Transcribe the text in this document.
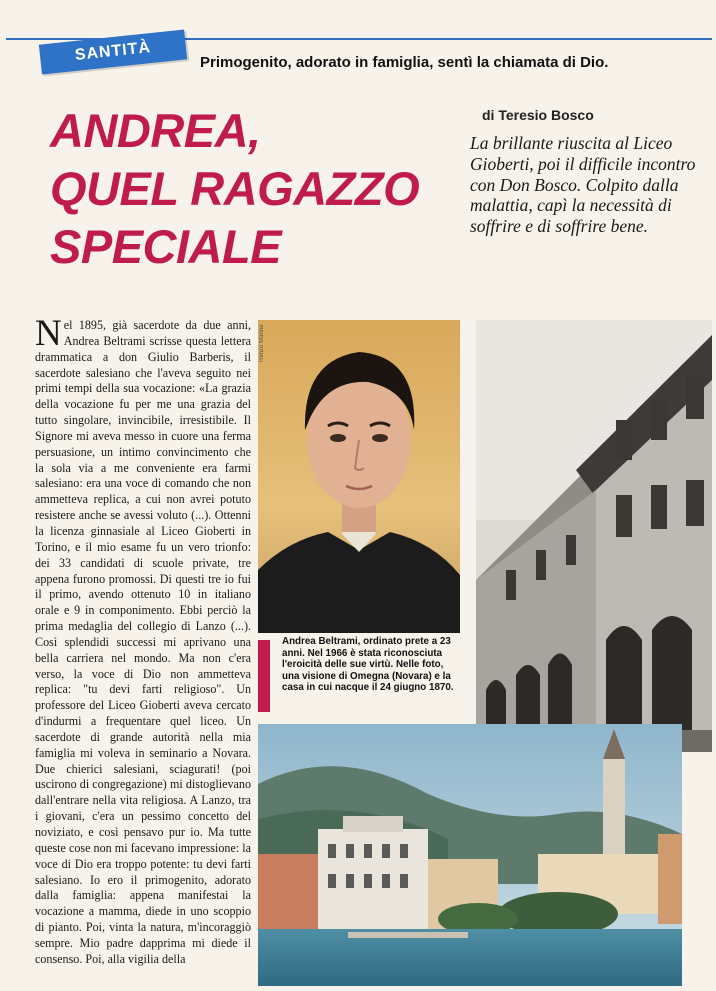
SANTITÀ	Primogenito, adorato in famiglia, sentì la chiamata di Dio.
ANDREA,
QUEL RAGAZZO
SPECIALE
di Teresio Bosco
La brillante riuscita al Liceo Gioberti, poi il difficile incontro con Don Bosco. Colpito dalla malattia, capì la necessità di soffrire e di soffrire bene.
Nel 1895, già sacerdote da due anni, Andrea Beltrami scrisse questa lettera drammatica a don Giulio Barberis, il sacerdote salesiano che l'aveva seguito nei primi tempi della sua vocazione: «La grazia della vocazione fu per me una grazia del tutto singolare, invincibile, irresistibile. Il Signore mi aveva messo in cuore una ferma persuasione, un intimo convincimento che la sola via a me conveniente era farmi salesiano: era una voce di comando che non ammetteva replica, a cui non avrei potuto resistere anche se avessi voluto (...). Ottenni la licenza ginnasiale al Liceo Gioberti in Torino, e il mio esame fu un vero trionfo: dei 33 candidati di scuole private, tre appena furono promossi. Di questi tre io fui il primo, avendo ottenuto 10 in italiano orale e 9 in componimento. Ebbi perciò la prima medaglia del collegio di Lanzo (...). Così splendidi successi mi aprivano una bella carriera nel mondo. Ma non c'era verso, la voce di Dio non ammetteva replica: "tu devi farti religioso". Un professore del Liceo Gioberti aveva cercato d'indurmi a frequentare quel liceo. Un sacerdote di grande autorità nella mia famiglia mi voleva in seminario a Novara. Due chierici salesiani, sciagurati! (poi uscirono di congregazione) mi distoglievano dall'entrare nella vita religiosa. A Lanzo, tra i giovani, c'era un pessimo concetto del noviziato, e così pensavo pur io. Ma tutte queste cose non mi facevano impressione: la voce di Dio era troppo potente: tu devi farti salesiano. Io ero il primogenito, adorato dalla famiglia: appena manifestai la vocazione a mamma, diede in uno scoppio di pianto. Poi, vinta la natura, m'incoraggiò sempre. Mio padre dapprima mi diede il consenso. Poi, alla vigilia della
Renzo Manna
Andrea Beltrami, ordinato prete a 23 anni. Nel 1966 è stata riconosciuta l'eroicità delle sue virtù. Nelle foto, una visione di Omegna (Novara) e la casa in cui nacque il 24 giugno 1870.
